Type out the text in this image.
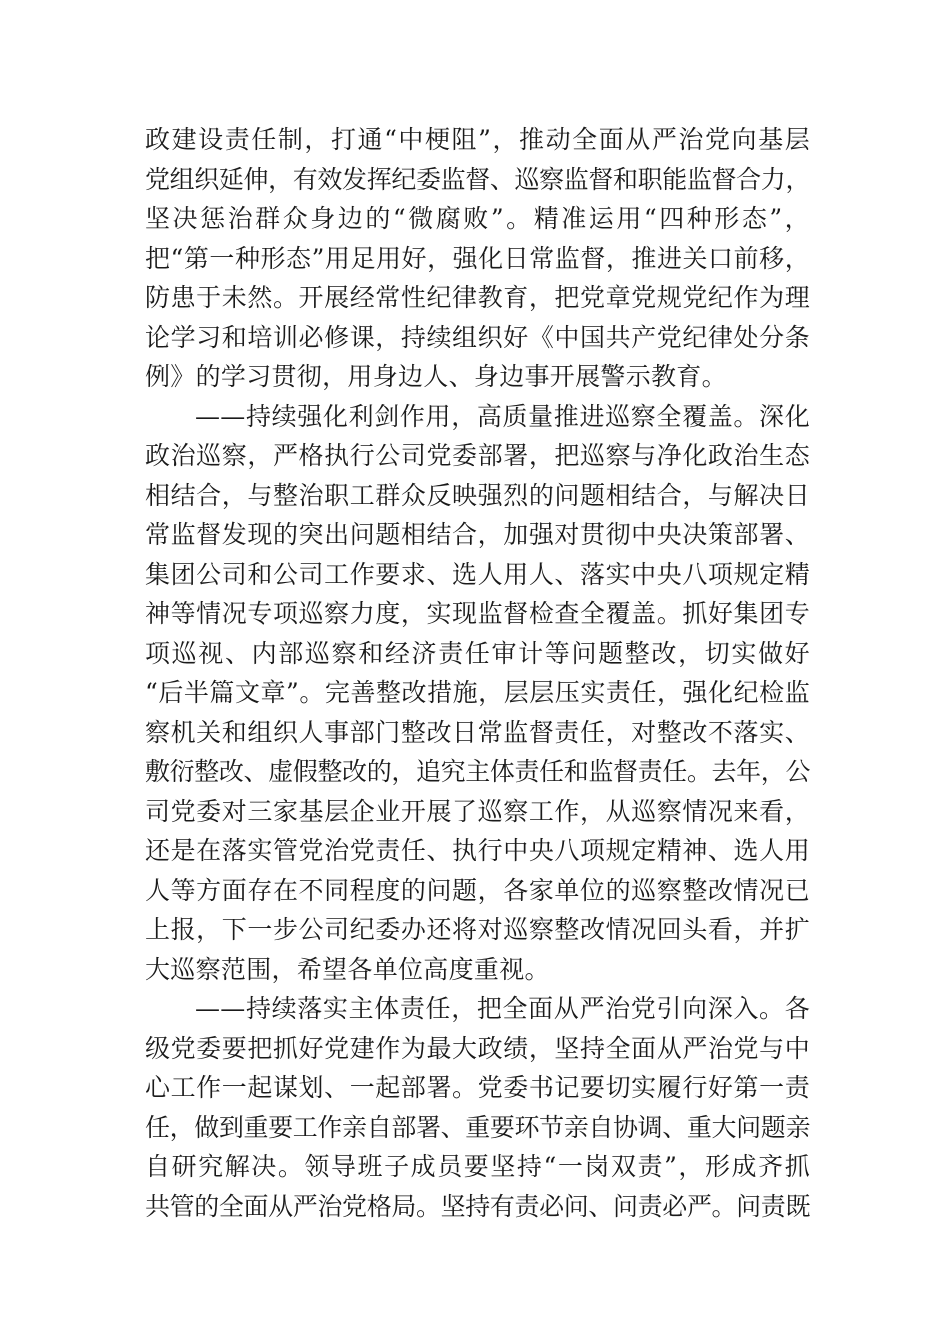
政建设责任制，打通“中梗阻”，推动全面从严治党向基层
党组织延伸，有效发挥纪委监督、巡察监督和职能监督合力，
坚决惩治群众身边的“微腐败”。精准运用“四种形态”，
把“第一种形态”用足用好，强化日常监督，推进关口前移，
防患于未然。开展经常性纪律教育，把党章党规党纪作为理
论学习和培训必修课，持续组织好《中国共产党纪律处分条
例》的学习贯彻，用身边人、身边事开展警示教育。
——持续强化利剑作用，高质量推进巡察全覆盖。深化
政治巡察，严格执行公司党委部署，把巡察与净化政治生态
相结合，与整治职工群众反映强烈的问题相结合，与解决日
常监督发现的突出问题相结合，加强对贯彻中央决策部署、
集团公司和公司工作要求、选人用人、落实中央八项规定精
神等情况专项巡察力度，实现监督检查全覆盖。抓好集团专
项巡视、内部巡察和经济责任审计等问题整改，切实做好
“后半篇文章”。完善整改措施，层层压实责任，强化纪检监
察机关和组织人事部门整改日常监督责任，对整改不落实、
敷衍整改、虚假整改的，追究主体责任和监督责任。去年，公
司党委对三家基层企业开展了巡察工作，从巡察情况来看，
还是在落实管党治党责任、执行中央八项规定精神、选人用
人等方面存在不同程度的问题，各家单位的巡察整改情况已
上报，下一步公司纪委办还将对巡察整改情况回头看，并扩
大巡察范围，希望各单位高度重视。
——持续落实主体责任，把全面从严治党引向深入。各
级党委要把抓好党建作为最大政绩，坚持全面从严治党与中
心工作一起谋划、一起部署。党委书记要切实履行好第一责
任，做到重要工作亲自部署、重要环节亲自协调、重大问题亲
自研究解决。领导班子成员要坚持“一岗双责”，形成齐抓
共管的全面从严治党格局。坚持有责必问、问责必严。问责既
